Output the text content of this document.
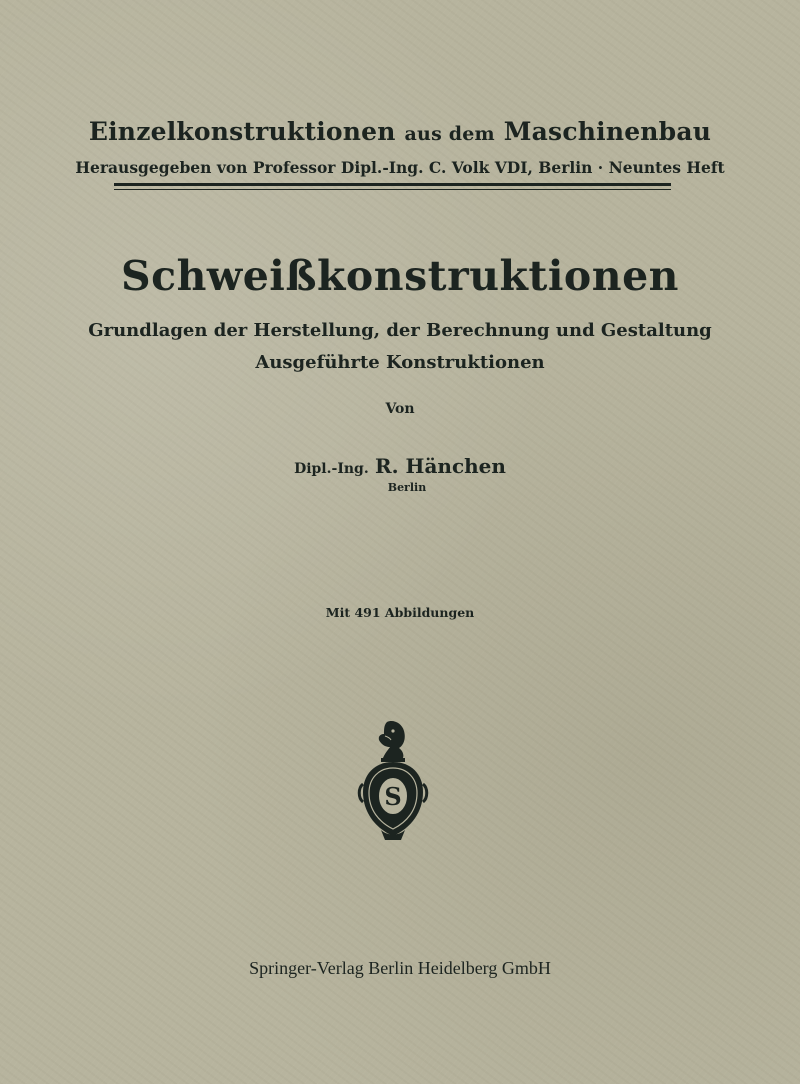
Einzelkonstruktionen aus dem Maschinenbau
Herausgegeben von Professor Dipl.-Ing. C. Volk VDI, Berlin · Neuntes Heft
Schweißkonstruktionen
Grundlagen der Herstellung, der Berechnung und Gestaltung
Ausgeführte Konstruktionen
Von
Dipl.-Ing. R. Hänchen
Berlin
Mit 491 Abbildungen
S
Springer-Verlag Berlin Heidelberg GmbH
